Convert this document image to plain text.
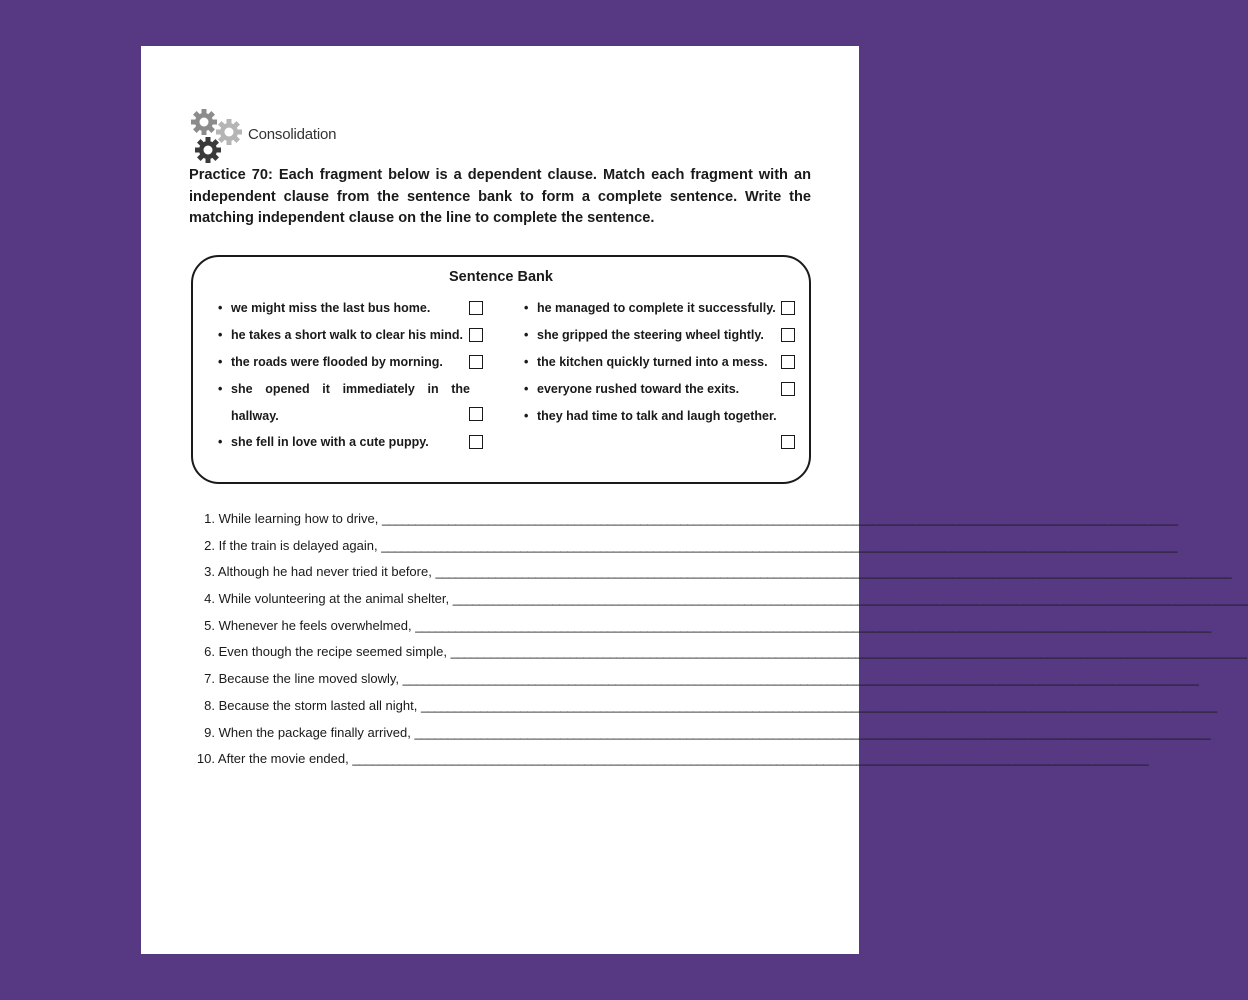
Consolidation
Practice 70: Each fragment below is a dependent clause. Match each fragment with an independent clause from the sentence bank to form a complete sentence. Write the matching independent clause on the line to complete the sentence.
Sentence Bank
• we might miss the last bus home.
• he takes a short walk to clear his mind.
• the roads were flooded by morning.
• she opened it immediately in the hallway.
• she fell in love with a cute puppy.
• he managed to complete it successfully.
• she gripped the steering wheel tightly.
• the kitchen quickly turned into a mess.
• everyone rushed toward the exits.
• they had time to talk and laugh together.
1. While learning how to drive, ________________________________________________________________________________________________________________________
2. If the train is delayed again, ________________________________________________________________________________________________________________________
3. Although he had never tried it before, ________________________________________________________________________________________________________________________
4. While volunteering at the animal shelter, ________________________________________________________________________________________________________________________
5. Whenever he feels overwhelmed, ________________________________________________________________________________________________________________________
6. Even though the recipe seemed simple, ________________________________________________________________________________________________________________________
7. Because the line moved slowly, ________________________________________________________________________________________________________________________
8. Because the storm lasted all night, ________________________________________________________________________________________________________________________
9. When the package finally arrived, ________________________________________________________________________________________________________________________
10. After the movie ended, ________________________________________________________________________________________________________________________
